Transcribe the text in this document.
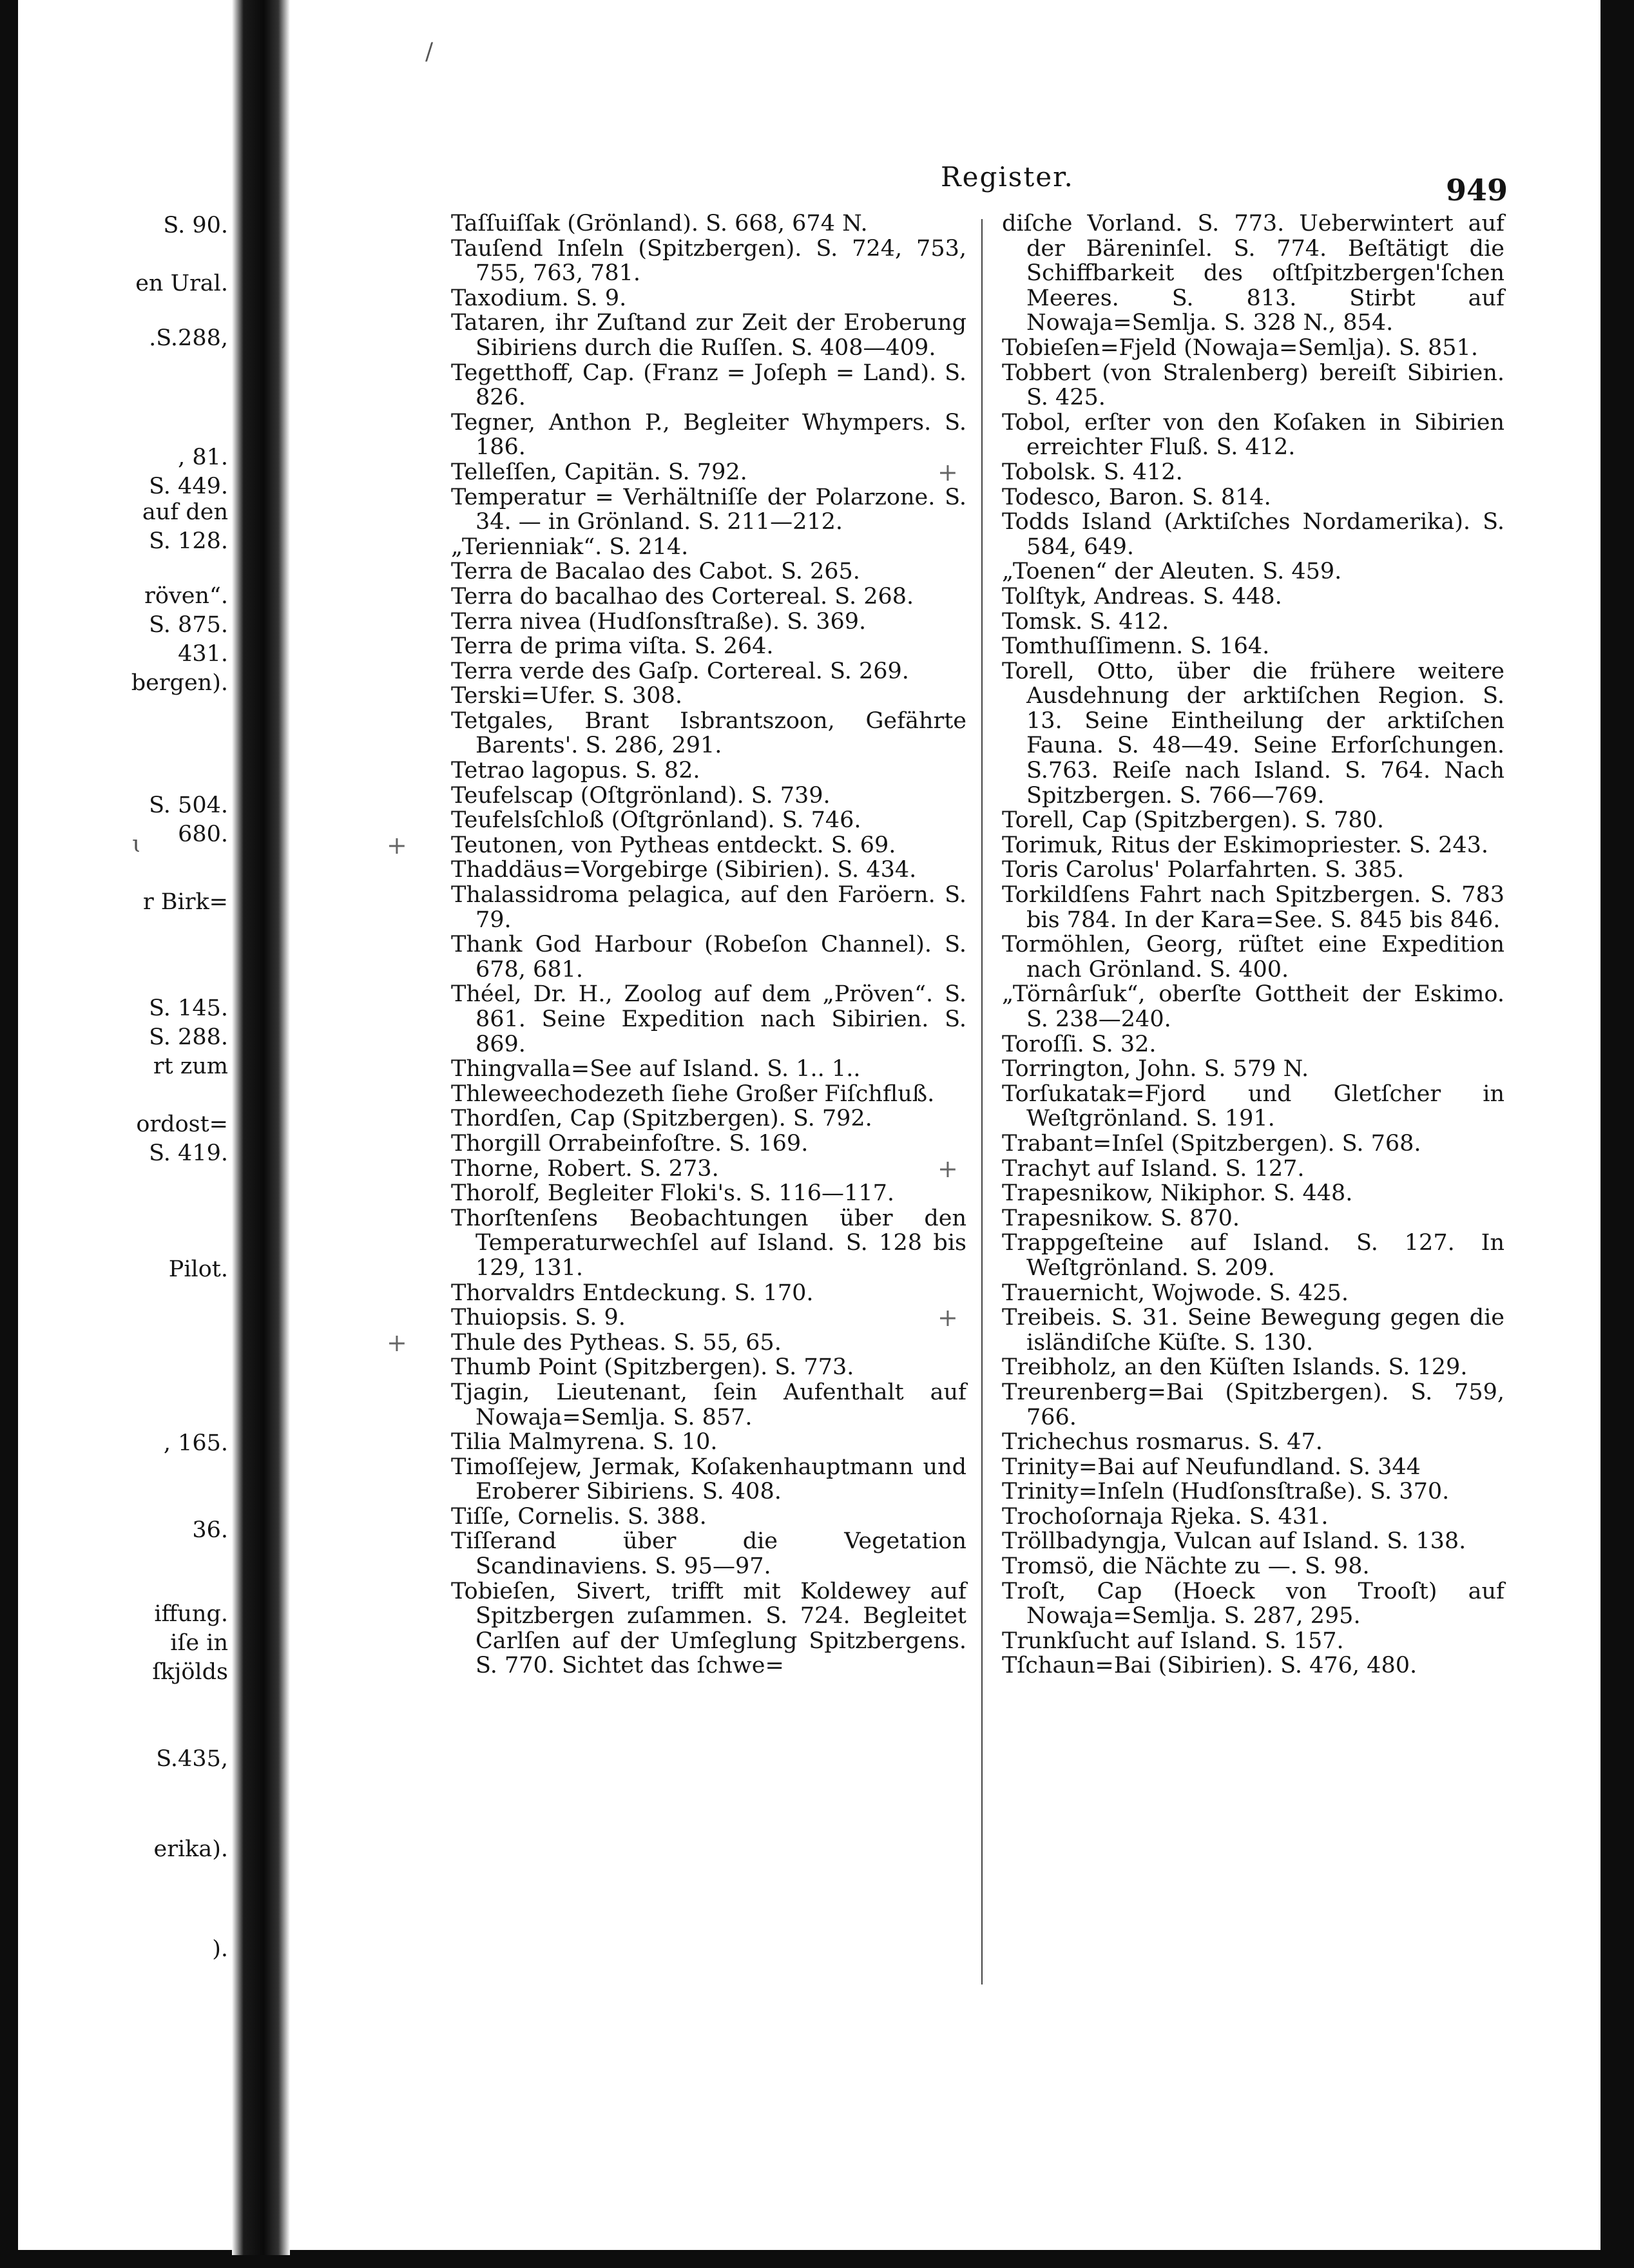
S. 90.
en Ural.
.S.288,
, 81.
S. 449.
auf den
S. 128.
röven“.
S. 875.
431.
bergen).
S. 504.
680.
r Birk=
S. 145.
S. 288.
rt zum
ordost=
S. 419.
Pilot.
, 165.
36.
iffung.
iſe in
ſkjölds
S.435,
erika).
).
/
ɩ
Register.	949
Taſſuiſſak (Grönland). S. 668, 674 N.
Tauſend Inſeln (Spitzbergen). S. 724, 753, 755, 763, 781.
Taxodium. S. 9.
Tataren, ihr Zuſtand zur Zeit der Eroberung Sibiriens durch die Ruſſen. S. 408—409.
Tegetthoff, Cap. (Franz = Joſeph = Land). S. 826.
Tegner, Anthon P., Begleiter Whympers. S. 186.
Telleſſen, Capitän. S. 792.
Temperatur = Verhältniſſe der Polarzone. S. 34. — in Grönland. S. 211—212.
„Terienniak“. S. 214.
Terra de Bacalao des Cabot. S. 265.
Terra do bacalhao des Cortereal. S. 268.
Terra nivea (Hudſonsſtraße). S. 369.
Terra de prima viſta. S. 264.
Terra verde des Gaſp. Cortereal. S. 269.
Terski=Ufer. S. 308.
Tetgales, Brant Isbrantszoon, Gefährte Barents'. S. 286, 291.
Tetrao lagopus. S. 82.
Teufelscap (Oſtgrönland). S. 739.
Teufelsſchloß (Oſtgrönland). S. 746.
+ Teutonen, von Pytheas entdeckt. S. 69.
Thaddäus=Vorgebirge (Sibirien). S. 434.
Thalassidroma pelagica, auf den Faröern. S. 79.
Thank God Harbour (Robeſon Channel). S. 678, 681.
Théel, Dr. H., Zoolog auf dem „Pröven“. S. 861. Seine Expedition nach Sibirien. S. 869.
Thingvalla=See auf Island. S. 1.. 1..
Thleweechodezeth ſiehe Großer Fiſchfluß.
Thordſen, Cap (Spitzbergen). S. 792.
Thorgill Orrabeinfoſtre. S. 169.
Thorne, Robert. S. 273.
Thorolf, Begleiter Floki's. S. 116—117.
Thorſtenſens Beobachtungen über den Temperaturwechſel auf Island. S. 128 bis 129, 131.
Thorvaldrs Entdeckung. S. 170.
Thuiopsis. S. 9.
+ Thule des Pytheas. S. 55, 65.
Thumb Point (Spitzbergen). S. 773.
Tjagin, Lieutenant, ſein Aufenthalt auf Nowaja=Semlja. S. 857.
Tilia Malmyrena. S. 10.
Timoſſejew, Jermak, Koſakenhauptmann und Eroberer Sibiriens. S. 408.
Tiſſe, Cornelis. S. 388.
Tiſſerand über die Vegetation Scandinaviens. S. 95—97.
Tobieſen, Sivert, trifft mit Koldewey auf Spitzbergen zuſammen. S. 724. Begleitet Carlſen auf der Umſeglung Spitzbergens. S. 770. Sichtet das ſchwe=
diſche Vorland. S. 773. Ueberwintert auf der Bäreninſel. S. 774. Beſtätigt die Schiffbarkeit des oſtſpitzbergen'ſchen Meeres. S. 813. Stirbt auf Nowaja=Semlja. S. 328 N., 854.
Tobieſen=Fjeld (Nowaja=Semlja). S. 851.
Tobbert (von Stralenberg) bereiſt Sibirien. S. 425.
Tobol, erſter von den Koſaken in Sibirien erreichter Fluß. S. 412.
+ Tobolsk. S. 412.
Todesco, Baron. S. 814.
Todds Island (Arktiſches Nordamerika). S. 584, 649.
„Toenen“ der Aleuten. S. 459.
Tolſtyk, Andreas. S. 448.
Tomsk. S. 412.
Tomthuſſimenn. S. 164.
Torell, Otto, über die frühere weitere Ausdehnung der arktiſchen Region. S. 13. Seine Eintheilung der arktiſchen Fauna. S. 48—49. Seine Erforſchungen. S.763. Reiſe nach Island. S. 764. Nach Spitzbergen. S. 766—769.
Torell, Cap (Spitzbergen). S. 780.
Torimuk, Ritus der Eskimopriester. S. 243.
Toris Carolus' Polarfahrten. S. 385.
Torkildſens Fahrt nach Spitzbergen. S. 783 bis 784. In der Kara=See. S. 845 bis 846.
Tormöhlen, Georg, rüſtet eine Expedition nach Grönland. S. 400.
„Törnârſuk“, oberſte Gottheit der Eskimo. S. 238—240.
Toroſſi. S. 32.
Torrington, John. S. 579 N.
Torſukatak=Fjord und Gletſcher in Weſtgrönland. S. 191.
Trabant=Inſel (Spitzbergen). S. 768.
+ Trachyt auf Island. S. 127.
Trapesnikow, Nikiphor. S. 448.
Trapesnikow. S. 870.
Trappgeſteine auf Island. S. 127. In Weſtgrönland. S. 209.
Trauernicht, Wojwode. S. 425.
+ Treibeis. S. 31. Seine Bewegung gegen die isländiſche Küſte. S. 130.
Treibholz, an den Küſten Islands. S. 129.
Treurenberg=Bai (Spitzbergen). S. 759, 766.
Trichechus rosmarus. S. 47.
Trinity=Bai auf Neufundland. S. 344
Trinity=Inſeln (Hudſonsſtraße). S. 370.
Trochoſornaja Rjeka. S. 431.
Tröllbadyngja, Vulcan auf Island. S. 138.
Tromsö, die Nächte zu —. S. 98.
Troſt, Cap (Hoeck von Trooſt) auf Nowaja=Semlja. S. 287, 295.
Trunkſucht auf Island. S. 157.
Tſchaun=Bai (Sibirien). S. 476, 480.
